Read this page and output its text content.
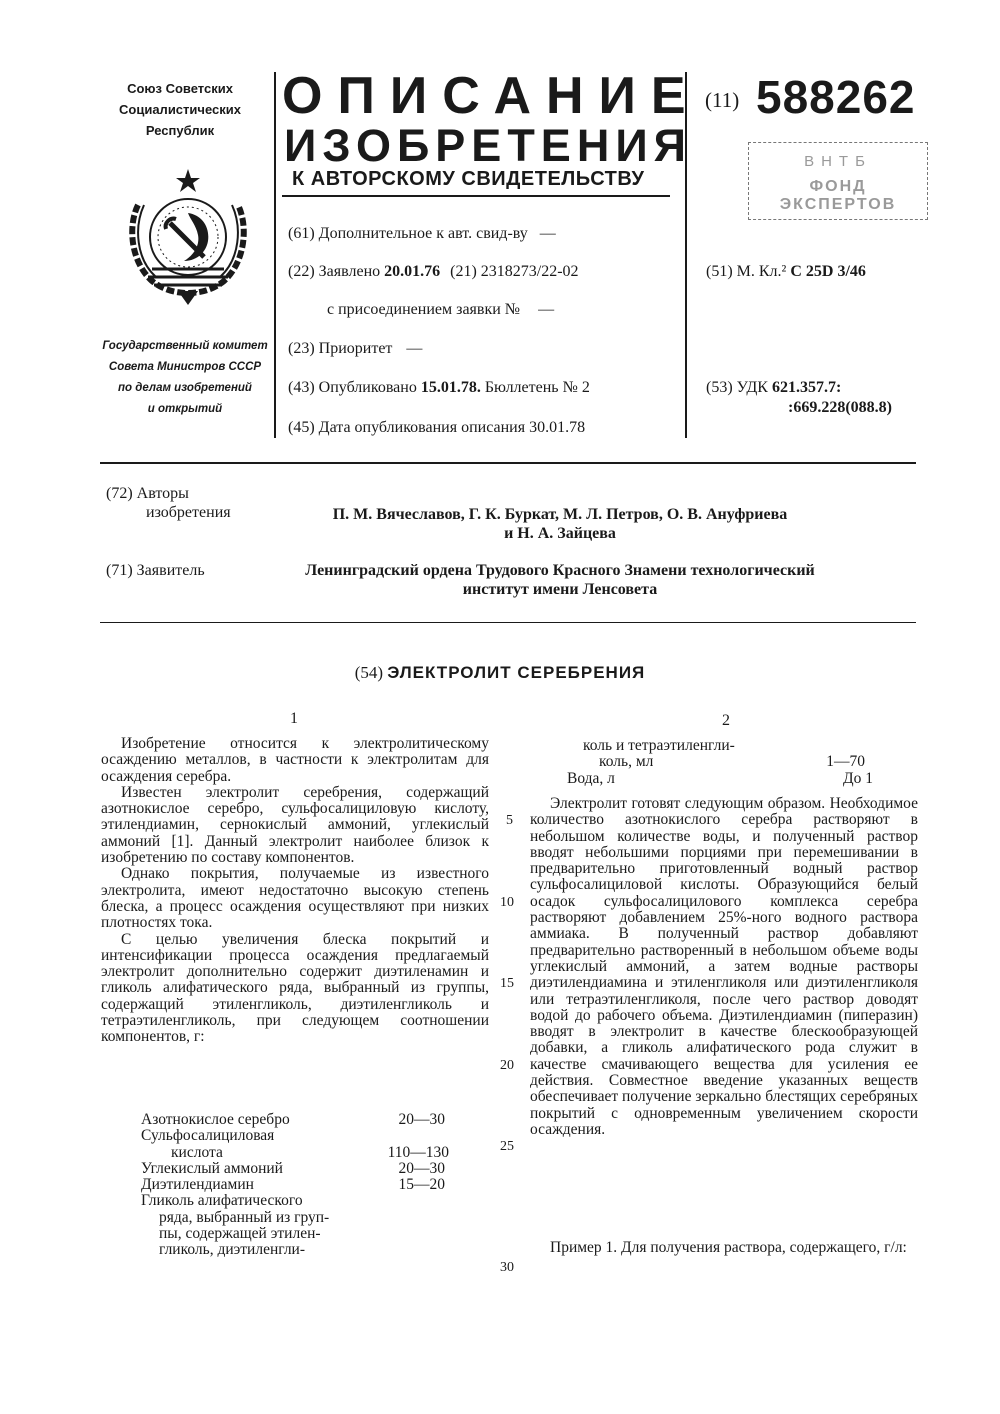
Союз Советских
Социалистических
Республик
Государственный комитет
Совета Министров СССР
по делам изобретений
и открытий
ОПИСАНИЕ
ИЗОБРЕТЕНИЯ
К АВТОРСКОМУ СВИДЕТЕЛЬСТВУ
(11) 588262
ВНТБ
ФОНД ЭКСПЕРТОВ
(61) Дополнительное к авт. свид-ву —
(22) Заявлено 20.01.76 (21) 2318273/22-02
с присоединением заявки № —
(23) Приоритет —
(43) Опубликовано 15.01.78. Бюллетень № 2
(45) Дата опубликования описания 30.01.78
(51) М. Кл.² С 25D 3/46
(53) УДК 621.357.7:
:669.228(088.8)
(72) Авторы
изобретения	П. М. Вячеславов, Г. К. Буркат, М. Л. Петров, О. В. Ануфриева
и Н. А. Зайцева
(71) Заявитель	Ленинградский ордена Трудового Красного Знамени технологический
институт имени Ленсовета
(54) ЭЛЕКТРОЛИТ СЕРЕБРЕНИЯ
1	2

Изобретение относится к электролитическому осаждению металлов, в частности к электролитам для осаждения серебра.

Известен электролит серебрения, содержащий азотнокислое серебро, сульфосалициловую кислоту, этилендиамин, сернокислый аммоний, углекислый аммоний [1]. Данный электролит наиболее близок к изобретению по составу компонентов.

Однако покрытия, получаемые из известного электролита, имеют недостаточно высокую степень блеска, а процесс осаждения осуществляют при низких плотностях тока.

С целью увеличения блеска покрытий и интенсификации процесса осаждения предлагаемый электролит дополнительно содержит диэтиленамин и гликоль алифатического ряда, выбранный из группы, содержащий этиленгликоль, диэтиленгликоль и тетраэтиленгликоль, при следующем соотношении компонентов, г:

Азотнокислое серебро	20—30
Сульфосалициловая
кислота	110—130
Углекислый аммоний	20—30
Диэтилендиамин	15—20
Гликоль алифатического
ряда, выбранный из груп-
пы, содержащей этилен-
гликоль, диэтиленгли-
коль и тетраэтиленгли-
коль, мл	1—70
Вода, л	До 1

Электролит готовят следующим образом. Необходимое количество азотнокислого серебра растворяют в небольшом количестве воды, и полученный раствор вводят небольшими порциями при перемешивании в предварительно приготовленный водный раствор сульфосалициловой кислоты. Образующийся белый осадок сульфосалицилового комплекса серебра растворяют добавлением 25%-ного водного раствора аммиака. В полученный раствор добавляют предварительно растворенный в небольшом объеме воды углекислый аммоний, а затем водные растворы диэтилендиамина и этиленгликоля или диэтиленгликоля или тетраэтиленгликоля, после чего раствор доводят водой до рабочего объема. Диэтилендиамин (пиперазин) вводят в электролит в качестве блескообразующей добавки, а гликоль алифатического рода служит в качестве смачивающего вещества для усиления ее действия. Совместное введение указанных веществ обеспечивает получение зеркально блестящих серебряных покрытий с одновременным увеличением скорости осаждения.

Пример 1. Для получения раствора, содержащего, г/л:

5
10
15
20
25
30
